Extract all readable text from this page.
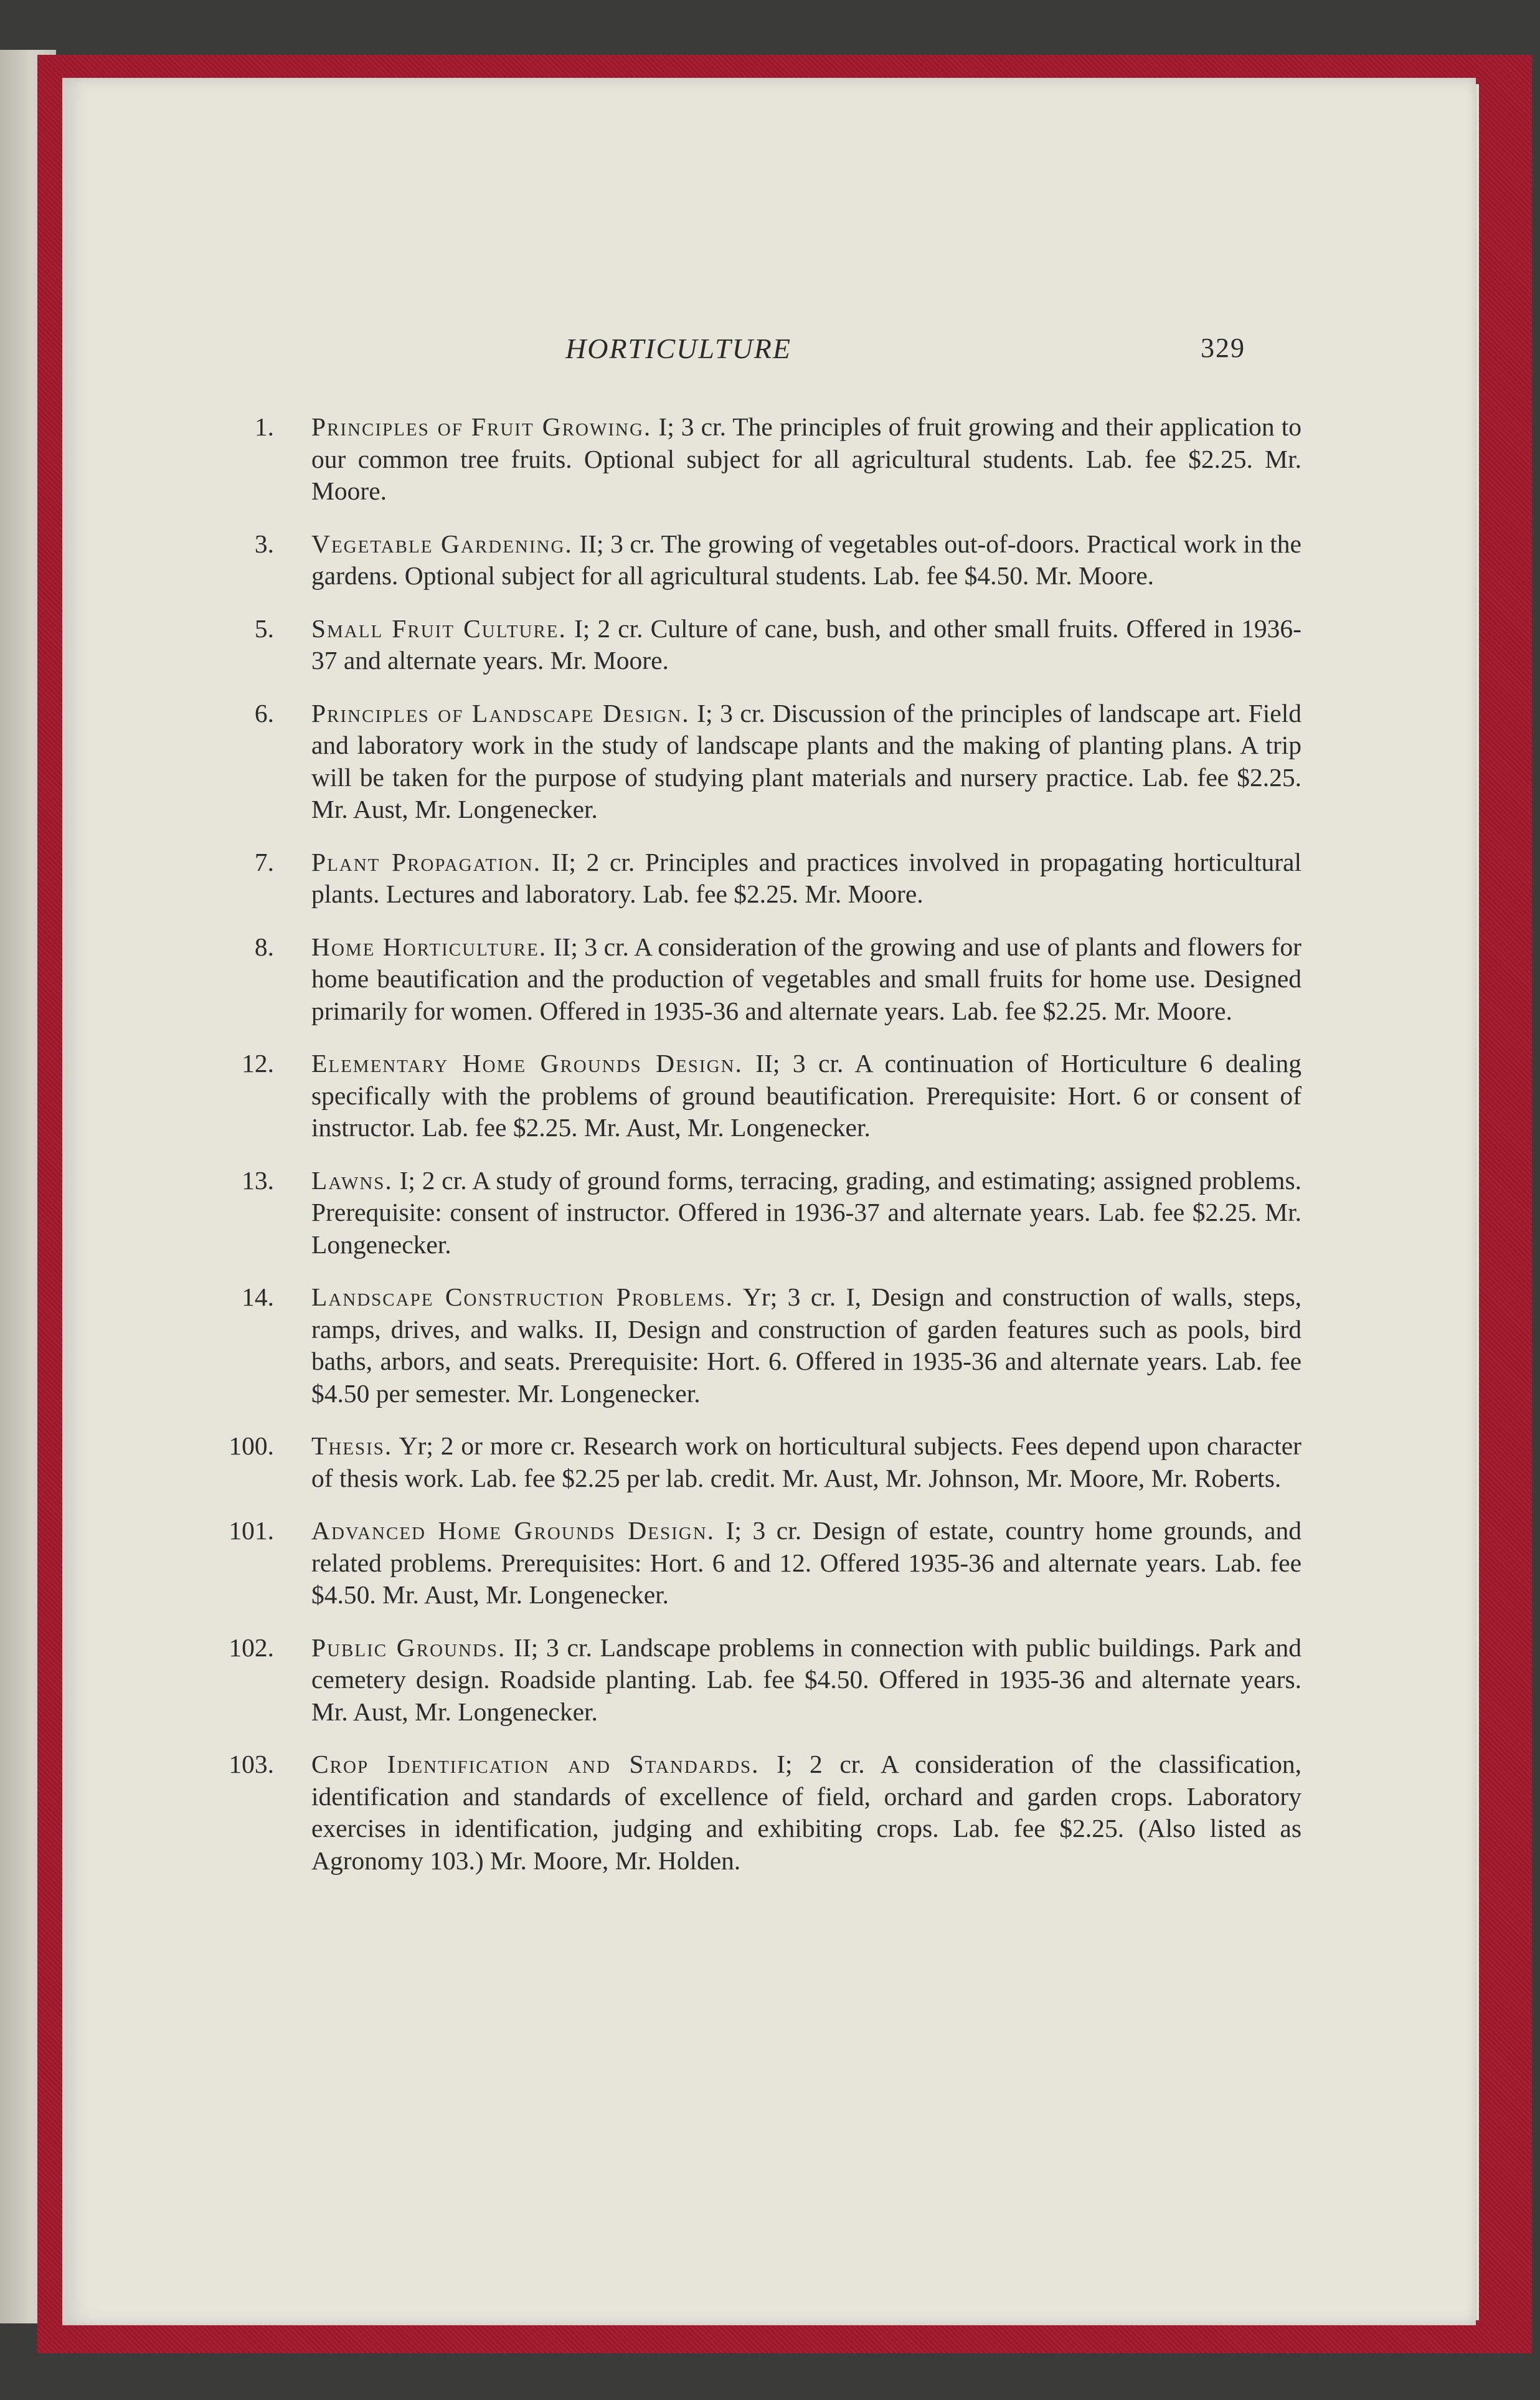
HORTICULTURE	329
1. Principles of Fruit Growing. I; 3 cr. The principles of fruit growing and their application to our common tree fruits. Optional subject for all agricultural students. Lab. fee $2.25. Mr. Moore.
3. Vegetable Gardening. II; 3 cr. The growing of vegetables out-of-doors. Practical work in the gardens. Optional subject for all agricultural students. Lab. fee $4.50. Mr. Moore.
5. Small Fruit Culture. I; 2 cr. Culture of cane, bush, and other small fruits. Offered in 1936-37 and alternate years. Mr. Moore.
6. Principles of Landscape Design. I; 3 cr. Discussion of the principles of landscape art. Field and laboratory work in the study of landscape plants and the making of planting plans. A trip will be taken for the purpose of studying plant materials and nursery practice. Lab. fee $2.25. Mr. Aust, Mr. Longenecker.
7. Plant Propagation. II; 2 cr. Principles and practices involved in propagating horticultural plants. Lectures and laboratory. Lab. fee $2.25. Mr. Moore.
8. Home Horticulture. II; 3 cr. A consideration of the growing and use of plants and flowers for home beautification and the production of vegetables and small fruits for home use. Designed primarily for women. Offered in 1935-36 and alternate years. Lab. fee $2.25. Mr. Moore.
12. Elementary Home Grounds Design. II; 3 cr. A continuation of Horticulture 6 dealing specifically with the problems of ground beautification. Prerequisite: Hort. 6 or consent of instructor. Lab. fee $2.25. Mr. Aust, Mr. Longenecker.
13. Lawns. I; 2 cr. A study of ground forms, terracing, grading, and estimating; assigned problems. Prerequisite: consent of instructor. Offered in 1936-37 and alternate years. Lab. fee $2.25. Mr. Longenecker.
14. Landscape Construction Problems. Yr; 3 cr. I, Design and construction of walls, steps, ramps, drives, and walks. II, Design and construction of garden features such as pools, bird baths, arbors, and seats. Prerequisite: Hort. 6. Offered in 1935-36 and alternate years. Lab. fee $4.50 per semester. Mr. Longenecker.
100. Thesis. Yr; 2 or more cr. Research work on horticultural subjects. Fees depend upon character of thesis work. Lab. fee $2.25 per lab. credit. Mr. Aust, Mr. Johnson, Mr. Moore, Mr. Roberts.
101. Advanced Home Grounds Design. I; 3 cr. Design of estate, country home grounds, and related problems. Prerequisites: Hort. 6 and 12. Offered 1935-36 and alternate years. Lab. fee $4.50. Mr. Aust, Mr. Longenecker.
102. Public Grounds. II; 3 cr. Landscape problems in connection with public buildings. Park and cemetery design. Roadside planting. Lab. fee $4.50. Offered in 1935-36 and alternate years. Mr. Aust, Mr. Longenecker.
103. Crop Identification and Standards. I; 2 cr. A consideration of the classification, identification and standards of excellence of field, orchard and garden crops. Laboratory exercises in identification, judging and exhibiting crops. Lab. fee $2.25. (Also listed as Agronomy 103.) Mr. Moore, Mr. Holden.
